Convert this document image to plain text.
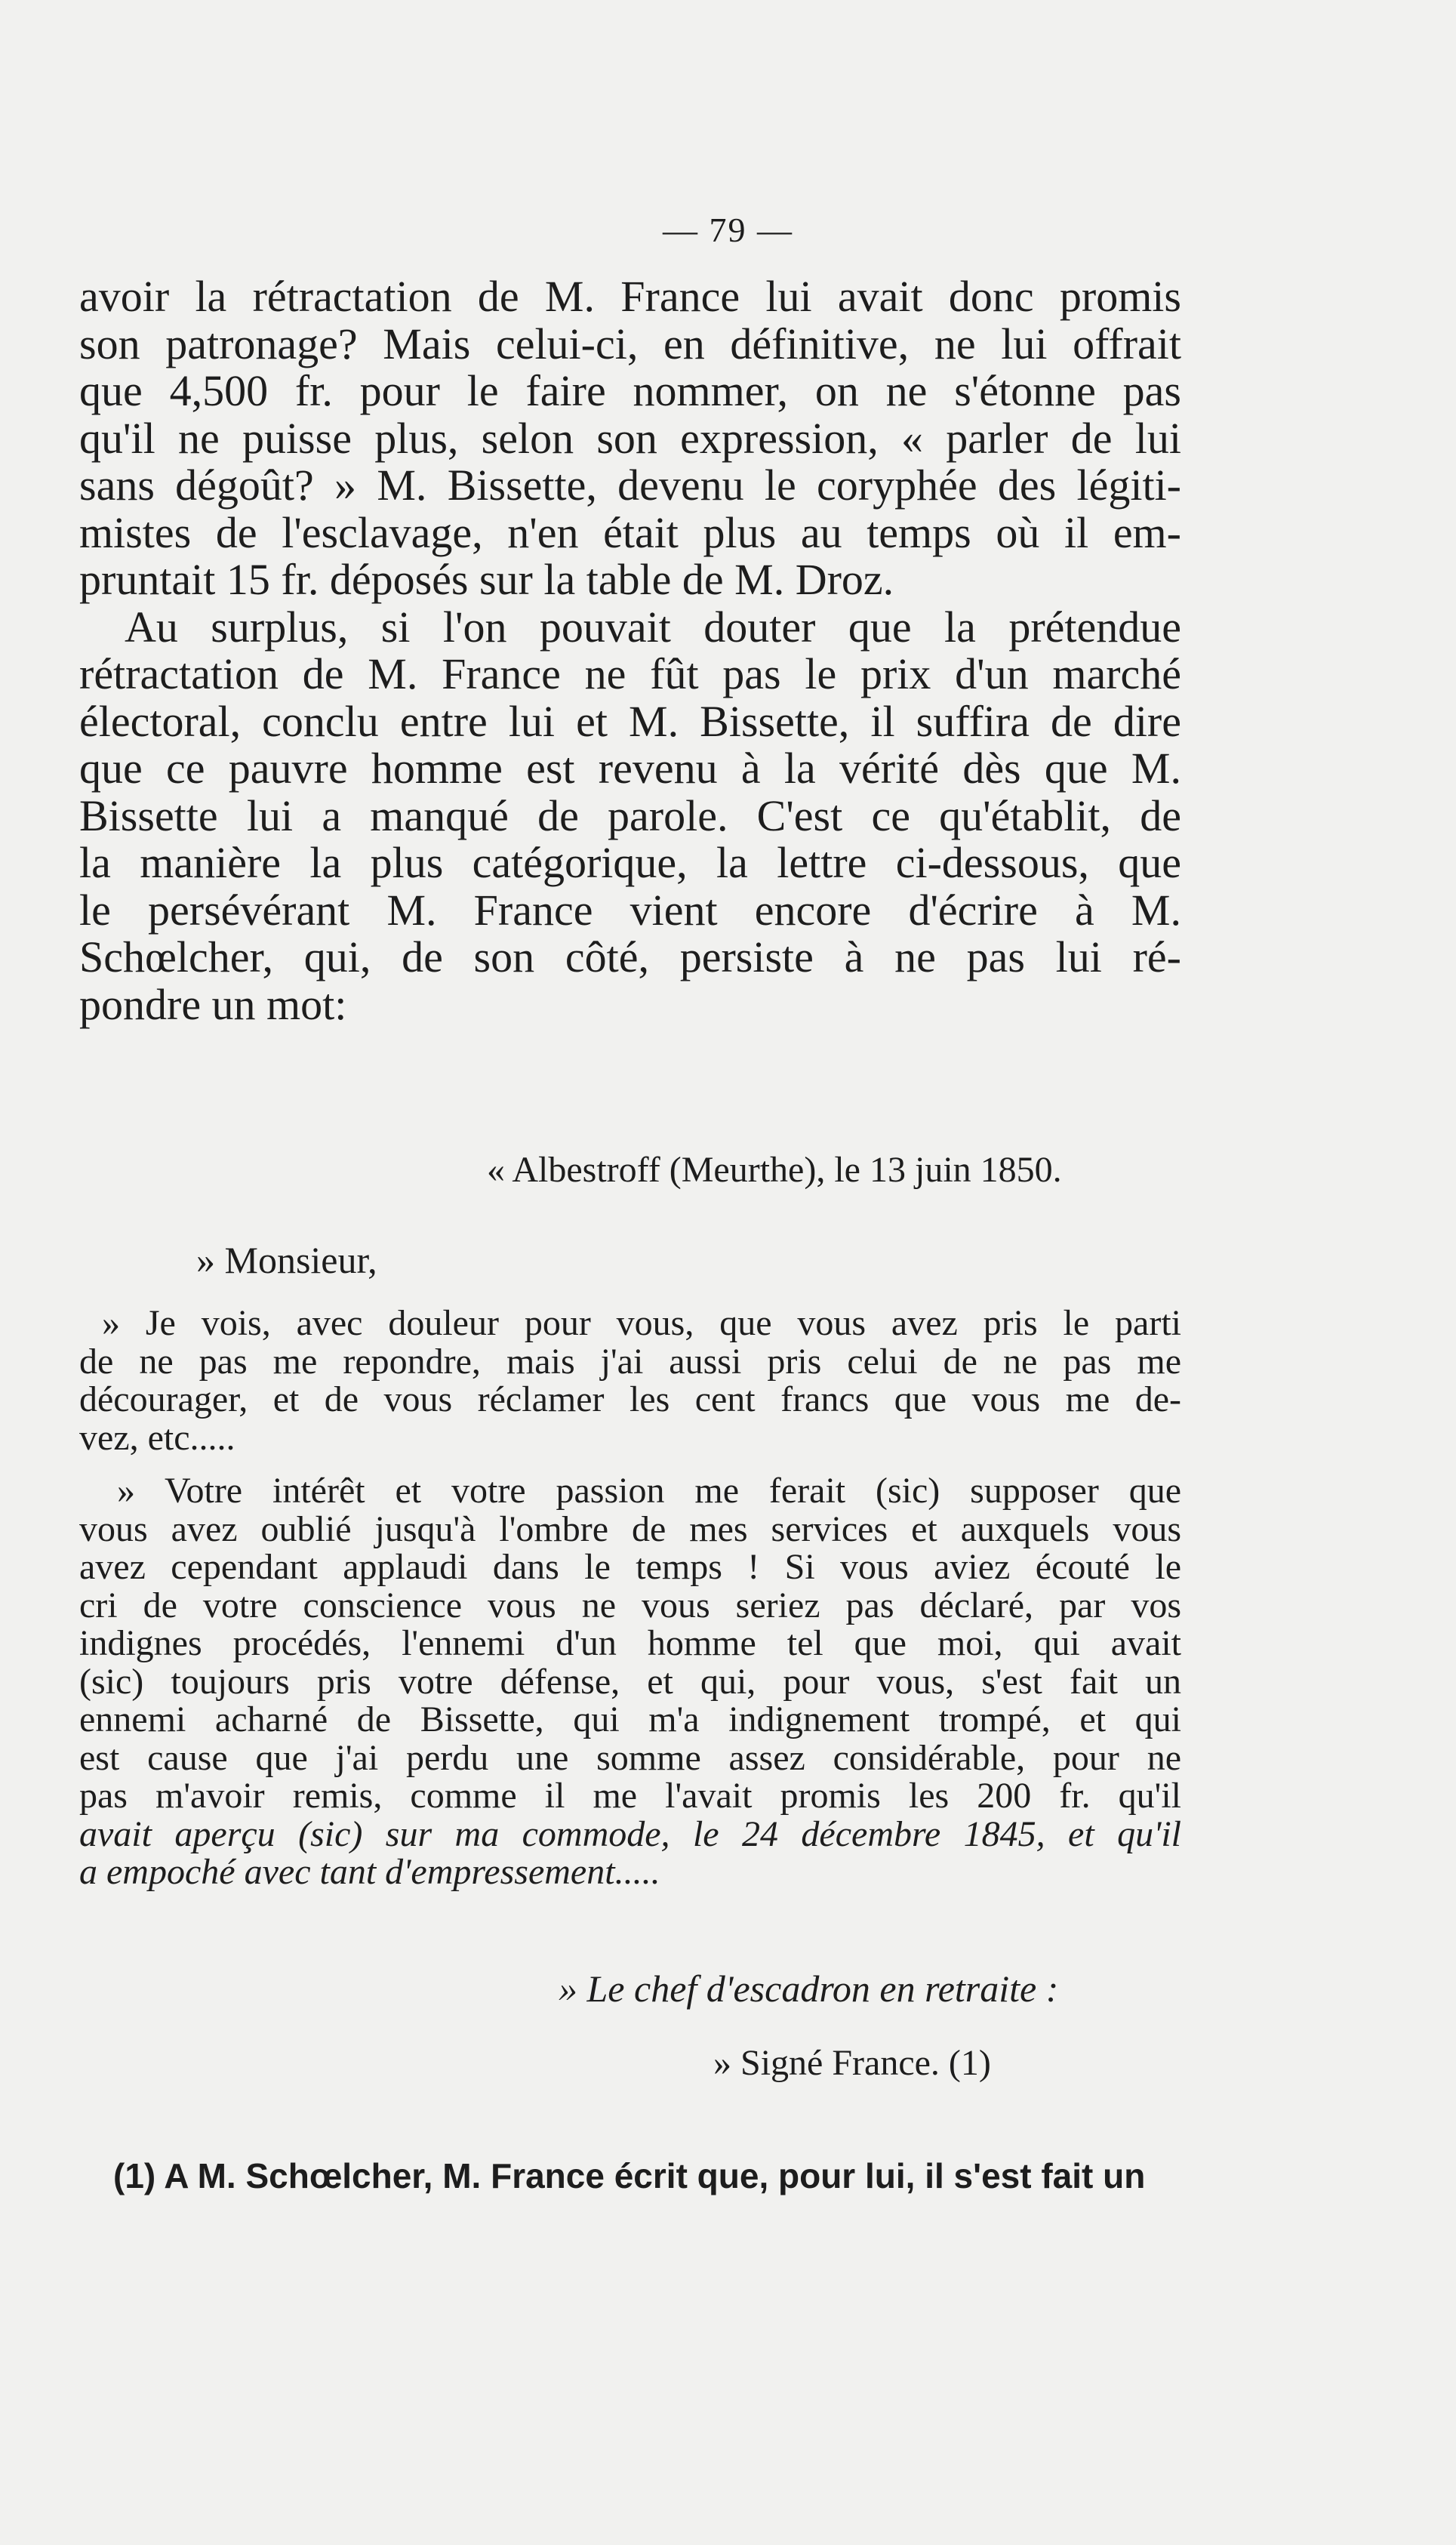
— 79 —
avoir la rétractation de M. France lui avait donc promis
son patronage? Mais celui-ci, en définitive, ne lui offrait
que 4,500 fr. pour le faire nommer, on ne s'étonne pas
qu'il ne puisse plus, selon son expression, « parler de lui
sans dégoût? » M. Bissette, devenu le coryphée des légiti-
mistes de l'esclavage, n'en était plus au temps où il em-
pruntait 15 fr. déposés sur la table de M. Droz.
Au surplus, si l'on pouvait douter que la prétendue
rétractation de M. France ne fût pas le prix d'un marché
électoral, conclu entre lui et M. Bissette, il suffira de dire
que ce pauvre homme est revenu à la vérité dès que M.
Bissette lui a manqué de parole. C'est ce qu'établit, de
la manière la plus catégorique, la lettre ci-dessous, que
le persévérant M. France vient encore d'écrire à M.
Schœlcher, qui, de son côté, persiste à ne pas lui ré-
pondre un mot:
« Albestroff (Meurthe), le 13 juin 1850.
» Monsieur,
» Je vois, avec douleur pour vous, que vous avez pris le parti
de ne pas me repondre, mais j'ai aussi pris celui de ne pas me
décourager, et de vous réclamer les cent francs que vous me de-
vez, etc.....
» Votre intérêt et votre passion me ferait (sic) supposer que
vous avez oublié jusqu'à l'ombre de mes services et auxquels vous
avez cependant applaudi dans le temps ! Si vous aviez écouté le
cri de votre conscience vous ne vous seriez pas déclaré, par vos
indignes procédés, l'ennemi d'un homme tel que moi, qui avait
(sic) toujours pris votre défense, et qui, pour vous, s'est fait un
ennemi acharné de Bissette, qui m'a indignement trompé, et qui
est cause que j'ai perdu une somme assez considérable, pour ne
pas m'avoir remis, comme il me l'avait promis les 200 fr. qu'il
avait aperçu (sic) sur ma commode, le 24 décembre 1845, et qu'il
a empoché avec tant d'empressement.....
» Le chef d'escadron en retraite :
» Signé France. (1)
(1) A M. Schœlcher, M. France écrit que, pour lui, il s'est fait un
